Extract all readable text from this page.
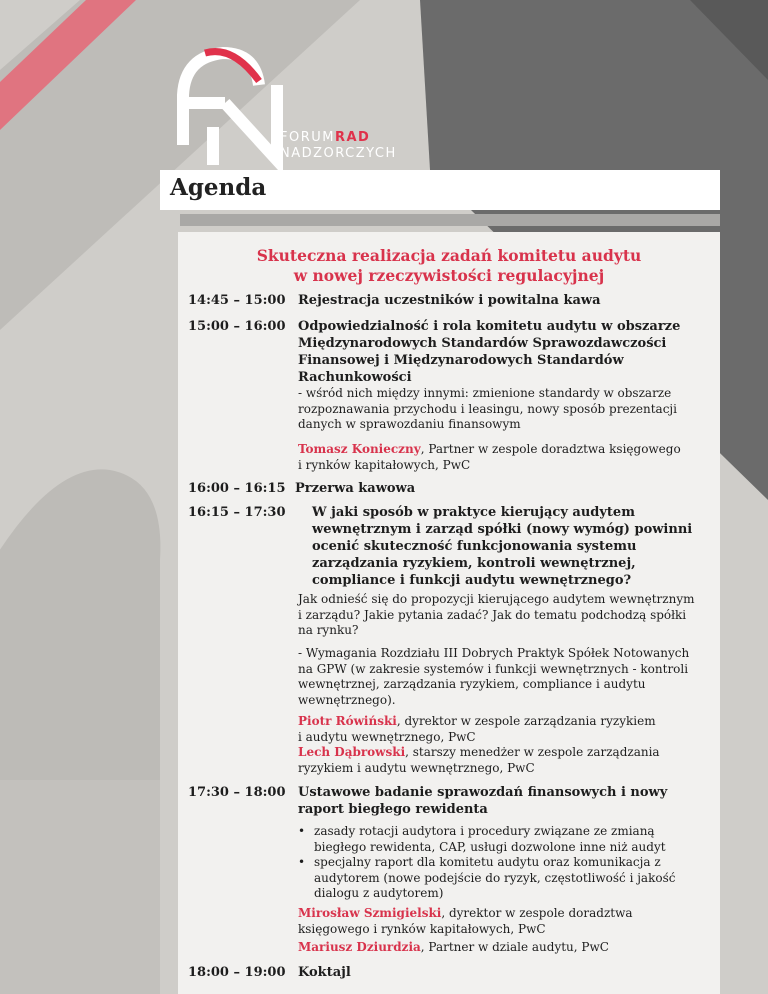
FORUMRAD
NADZORCZYCH
Agenda
Skuteczna realizacja zadań komitetu audytu
w nowej rzeczywistości regulacyjnej
14:45 – 15:00 Rejestracja uczestników i powitalna kawa
15:00 – 16:00 Odpowiedzialność i rola komitetu audytu w obszarze
Międzynarodowych Standardów Sprawozdawczości
Finansowej i Międzynarodowych Standardów
Rachunkowości
- wśród nich między innymi: zmienione standardy w obszarze
rozpoznawania przychodu i leasingu, nowy sposób prezentacji
danych w sprawozdaniu finansowym
Tomasz Konieczny, Partner w zespole doradztwa księgowego
i rynków kapitałowych, PwC
16:00 – 16:15 Przerwa kawowa
16:15 – 17:30 W jaki sposób w praktyce kierujący audytem
wewnętrznym i zarząd spółki (nowy wymóg) powinni
ocenić skuteczność funkcjonowania systemu
zarządzania ryzykiem, kontroli wewnętrznej,
compliance i funkcji audytu wewnętrznego?
Jak odnieść się do propozycji kierującego audytem wewnętrznym
i zarządu? Jakie pytania zadać? Jak do tematu podchodzą spółki
na rynku?
- Wymagania Rozdziału III Dobrych Praktyk Spółek Notowanych
na GPW (w zakresie systemów i funkcji wewnętrznych - kontroli
wewnętrznej, zarządzania ryzykiem, compliance i audytu
wewnętrznego).
Piotr Rówiński, dyrektor w zespole zarządzania ryzykiem
i audytu wewnętrznego, PwC
Lech Dąbrowski, starszy menedżer w zespole zarządzania
ryzykiem i audytu wewnętrznego, PwC
17:30 – 18:00 Ustawowe badanie sprawozdań finansowych i nowy
raport biegłego rewidenta
• zasady rotacji audytora i procedury związane ze zmianą
biegłego rewidenta, CAP, usługi dozwolone inne niż audyt
• specjalny raport dla komitetu audytu oraz komunikacja z
audytorem (nowe podejście do ryzyk, częstotliwość i jakość
dialogu z audytorem)
Mirosław Szmigielski, dyrektor w zespole doradztwa
księgowego i rynków kapitałowych, PwC
Mariusz Dziurdzia, Partner w dziale audytu, PwC
18:00 – 19:00 Koktajl
